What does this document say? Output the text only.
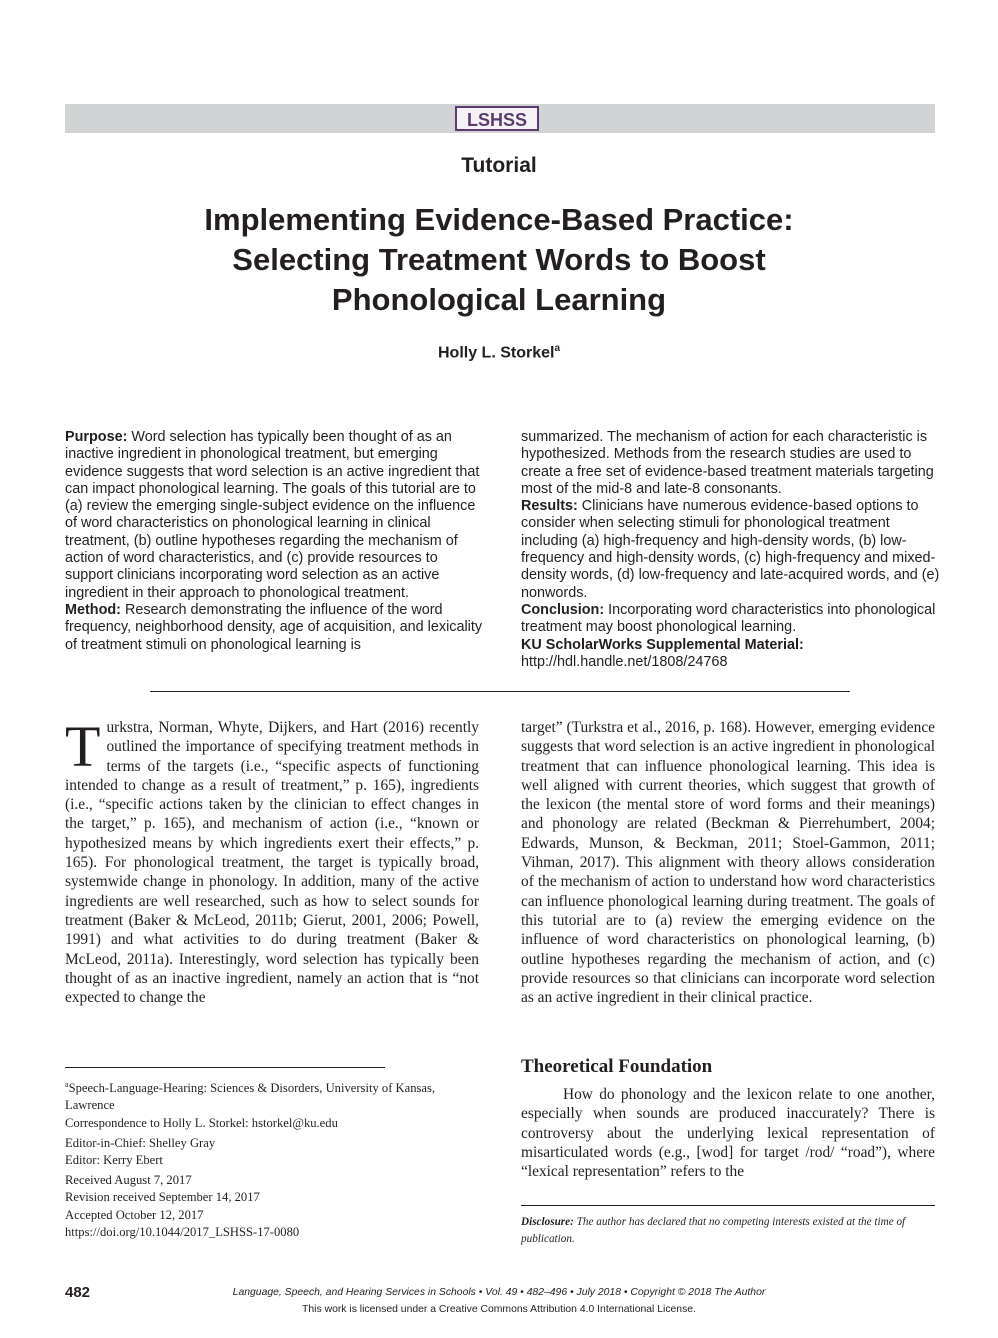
LSHSS
Tutorial
Implementing Evidence-Based Practice:
Selecting Treatment Words to Boost
Phonological Learning
Holly L. Storkel$^a$

Purpose: Word selection has typically been thought of as an inactive ingredient in phonological treatment, but emerging evidence suggests that word selection is an active ingredient that can impact phonological learning. The goals of this tutorial are to (a) review the emerging single-subject evidence on the influence of word characteristics on phonological learning in clinical treatment, (b) outline hypotheses regarding the mechanism of action of word characteristics, and (c) provide resources to support clinicians incorporating word selection as an active ingredient in their approach to phonological treatment.

Method: Research demonstrating the influence of the word frequency, neighborhood density, age of acquisition, and lexicality of treatment stimuli on phonological learning is

summarized. The mechanism of action for each characteristic is hypothesized. Methods from the research studies are used to create a free set of evidence-based treatment materials targeting most of the mid-8 and late-8 consonants.

Results: Clinicians have numerous evidence-based options to consider when selecting stimuli for phonological treatment including (a) high-frequency and high-density words, (b) low-frequency and high-density words, (c) high-frequency and mixed-density words, (d) low-frequency and late-acquired words, and (e) nonwords.

Conclusion: Incorporating word characteristics into phonological treatment may boost phonological learning.

KU ScholarWorks Supplemental Material: http://hdl.handle.net/1808/24768

Turkstra, Norman, Whyte, Dijkers, and Hart (2016) recently outlined the importance of specifying treatment methods in terms of the targets (i.e., “specific aspects of functioning intended to change as a result of treatment,” p. 165), ingredients (i.e., “specific actions taken by the clinician to effect changes in the target,” p. 165), and mechanism of action (i.e., “known or hypothesized means by which ingredients exert their effects,” p. 165). For phonological treatment, the target is typically broad, systemwide change in phonology. In addition, many of the active ingredients are well researched, such as how to select sounds for treatment (Baker & McLeod, 2011b; Gierut, 2001, 2006; Powell, 1991) and what activities to do during treatment (Baker & McLeod, 2011a). Interestingly, word selection has typically been thought of as an inactive ingredient, namely an action that is “not expected to change the

target” (Turkstra et al., 2016, p. 168). However, emerging evidence suggests that word selection is an active ingredient in phonological treatment that can influence phonological learning. This idea is well aligned with current theories, which suggest that growth of the lexicon (the mental store of word forms and their meanings) and phonology are related (Beckman & Pierrehumbert, 2004; Edwards, Munson, & Beckman, 2011; Stoel-Gammon, 2011; Vihman, 2017). This alignment with theory allows consideration of the mechanism of action to understand how word characteristics can influence phonological learning during treatment. The goals of this tutorial are to (a) review the emerging evidence on the influence of word characteristics on phonological learning, (b) outline hypotheses regarding the mechanism of action, and (c) provide resources so that clinicians can incorporate word selection as an active ingredient in their clinical practice.

Theoretical Foundation

How do phonology and the lexicon relate to one another, especially when sounds are produced inaccurately? There is controversy about the underlying lexical representation of misarticulated words (e.g., [wod] for target /rod/ “road”), where “lexical representation” refers to the

$^a$Speech-Language-Hearing: Sciences & Disorders, University of Kansas, Lawrence

Correspondence to Holly L. Storkel: hstorkel@ku.edu

Editor-in-Chief: Shelley Gray

Editor: Kerry Ebert

Received August 7, 2017

Revision received September 14, 2017

Accepted October 12, 2017

https://doi.org/10.1044/2017_LSHSS-17-0080

Disclosure: The author has declared that no competing interests existed at the time of publication.
482	Language, Speech, and Hearing Services in Schools • Vol. 49 • 482–496 • July 2018 • Copyright © 2018 The Author
This work is licensed under a Creative Commons Attribution 4.0 International License.
